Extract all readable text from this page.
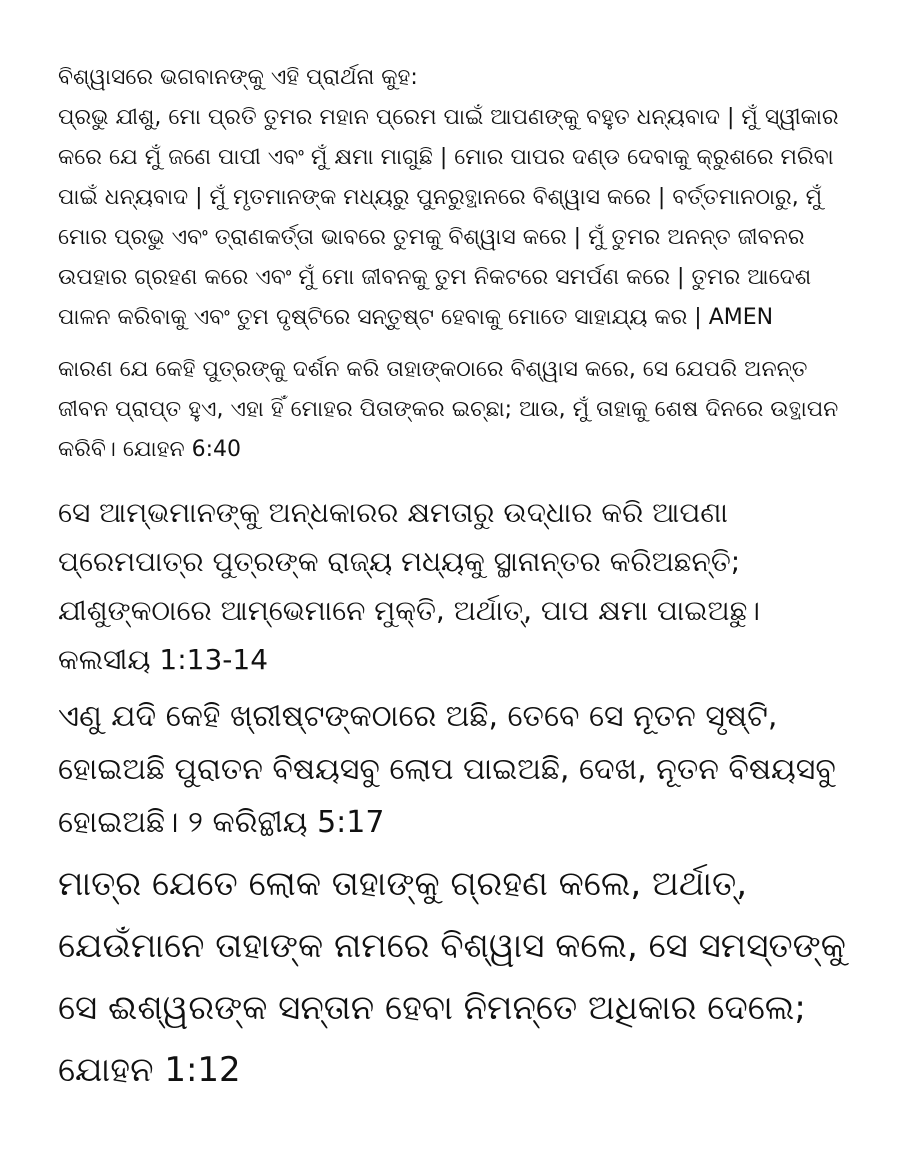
ବିଶ୍ୱାସରେ ଭଗବାନଙ୍କୁ ଏହି ପ୍ରାର୍ଥନା କୁହ:

ପ୍ରଭୁ ଯୀଶୁ, ମୋ ପ୍ରତି ତୁମର ମହାନ ପ୍ରେମ ପାଇଁ ଆପଣଙ୍କୁ ବହୁତ ଧନ୍ୟବାଦ | ମୁଁ ସ୍ୱୀକାର କରେ ଯେ ମୁଁ ଜଣେ ପାପୀ ଏବଂ ମୁଁ କ୍ଷମା ମାଗୁଛି | ମୋର ପାପର ଦଣ୍ଡ ଦେବାକୁ କ୍ରୁଶରେ ମରିବା ପାଇଁ ଧନ୍ୟବାଦ | ମୁଁ ମୃତମାନଙ୍କ ମଧ୍ୟରୁ ପୁନରୁତ୍ଥାନରେ ବିଶ୍ୱାସ କରେ | ବର୍ତ୍ତମାନଠାରୁ, ମୁଁ ମୋର ପ୍ରଭୁ ଏବଂ ତ୍ରାଣକର୍ତ୍ତା ଭାବରେ ତୁମକୁ ବିଶ୍ୱାସ କରେ | ମୁଁ ତୁମର ଅନନ୍ତ ଜୀବନର ଉପହାର ଗ୍ରହଣ କରେ ଏବଂ ମୁଁ ମୋ ଜୀବନକୁ ତୁମ ନିକଟରେ ସମର୍ପଣ କରେ | ତୁମର ଆଦେଶ ପାଳନ କରିବାକୁ ଏବଂ ତୁମ ଦୃଷ୍ଟିରେ ସନ୍ତୁଷ୍ଟ ହେବାକୁ ମୋତେ ସାହାଯ୍ୟ କର | AMEN

କାରଣ ଯେ କେହି ପୁତ୍ରଙ୍କୁ ଦର୍ଶନ କରି ତାହାଙ୍କଠାରେ ବିଶ୍ୱାସ କରେ, ସେ ଯେପରି ଅନନ୍ତ ଜୀବନ ପ୍ରାପ୍ତ ହୁଏ, ଏହା ହିଁ ମୋହର ପିତାଙ୍କର ଇଚ୍ଛା; ଆଉ, ମୁଁ ତାହାକୁ ଶେଷ ଦିନରେ ଉତ୍ଥାପନ କରିବି। ଯୋହନ 6:40

ସେ ଆମ୍ଭମାନଙ୍କୁ ଅନ୍ଧକାରର କ୍ଷମତାରୁ ଉଦ୍ଧାର କରି ଆପଣା ପ୍ରେମପାତ୍ର ପୁତ୍ରଙ୍କ ରାଜ୍ୟ ମଧ୍ୟକୁ ସ୍ଥାନାନ୍ତର କରିଅଛନ୍ତି; ଯୀଶୁଙ୍କଠାରେ ଆମ୍ଭେମାନେ ମୁକ୍ତି, ଅର୍ଥାତ୍, ପାପ କ୍ଷମା ପାଇଅଛୁ। କଲସୀୟ 1:13-14

ଏଣୁ ଯଦି କେହି ଖ୍ରୀଷ୍ଟଙ୍କଠାରେ ଅଛି, ତେବେ ସେ ନୂତନ ସୃଷ୍ଟି, ହୋଇଅଛି ପୁରାତନ ବିଷୟସବୁ ଲୋପ ପାଇଅଛି, ଦେଖ, ନୂତନ ବିଷୟସବୁ ହୋଇଅଛି। ୨ କରିନ୍ଥୀୟ 5:17

ମାତ୍ର ଯେତେ ଲୋକ ତାହାଙ୍କୁ ଗ୍ରହଣ କଲେ, ଅର୍ଥାତ୍, ଯେଉଁମାନେ ତାହାଙ୍କ ନାମରେ ବିଶ୍ୱାସ କଲେ, ସେ ସମସ୍ତଙ୍କୁ ସେ ଈଶ୍ୱରଙ୍କ ସନ୍ତାନ ହେବା ନିମନ୍ତେ ଅଧିକାର ଦେଲେ; ଯୋହନ 1:12
